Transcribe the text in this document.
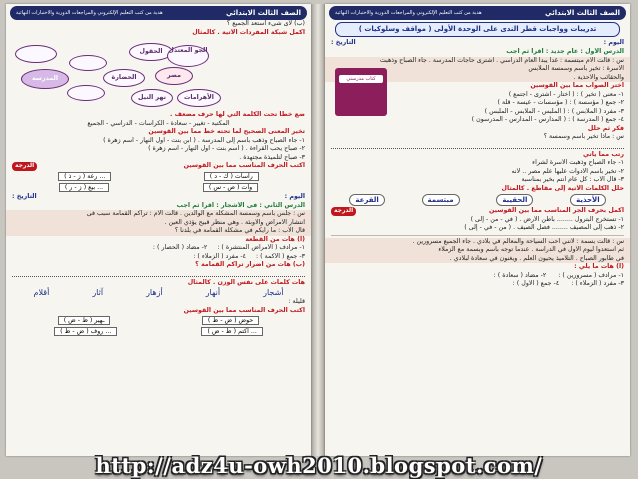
الصف الثالث الابتدائي
هدية من كتب التعليم الإلكتروني والمراجعات الدورية والاختبارات النهائية
(ب) لأى شىء استعد الجميع ؟
أكمل شبكة المفردات الآتية . كالمثال
الحقول الجو المعتدل
مصر
الحضارة
نهر النيل	الأهرامات
المدرسة
ضع خطاً تحت الكلمة التي لها حرف مضعف .
المكتبة - تغيير - سعادة - الكراسات - الدراسي - الجميع
تخير المعنى الصحيح لما تحته خط مما بين القوسين
١- جاء الصباح وذهب باسم إلى المدرسة . ( ابن بنت - أول النهار - اسم زهرة )
٢- صباح يحب القراءة . ( اسم بنت - أول النهار - اسم زهرة )
٣- صباح لتلميذة مجتهدة .
اكتب الحرف المناسب مما بين القوسين
الدرجة
راسات ( ك - د )
... رعة ( ز - ذ )
وات ( ص - س )
... بيع ( ز - ر )
اليوم :
التاريخ :
الدرس الثاني : فى الأشجار : اقرأ ثم أجب
س : جلس باسم وسمسة المشكلة مع الوالدين . قالت الأم : تراكم القمامة سبب فى
انتشار الأمراض والأوبئة . وهي منظر قبيح يؤذي العين .
قال الأب : ما رأيكم في مشكلة القمامة في بلدنا ؟
(أ) هات من القطعة
١- مرادف ( الأمراض المنتشرة ) :     ٢- مضاد ( الحصار ) :
٣- جمع ( الأكمة ) :     ٤- مفرد ( الزملاء ) :
(ب) هات من أضرار تراكم القمامة ؟
هات كلمات على نفس الوزن . كالمثال
أشجار
أنهار
أزهار
آثار
أقلام
قليلة :
اكتب الحرف المناسب مما بين القوسين
حوض ( ض - ظ )
ـهير ( ظ - ض )
... اكتم ( ظ - ض )
... روف ( ض - ظ )
الصف الثالث الابتدائي
هدية من كتب التعليم الإلكتروني والمراجعات الدورية والاختبارات النهائية
تدريبات وواجبات قطر الندى على الوحدة الأولى ( مواقف وسلوكيات )
اليوم :
التاريخ :
الدرس الأول : عام جديد : اقرأ ثم أجب
س : قالت الأم مبتسمة : غداً يبدأ العام الدراسي . اشترى حاجات المدرسة . جاء الصباح وذهبت
الأسرة : تخير باسم وسمسة الملابس
والحقائب والأحذية .
كتاب مدرستي
اختر الصواب مما بين القوسين
١- معنى ( تخير ) : ( اختار - اشترى - اجتمع )
٢- جمع ( مؤسسة ) : ( مؤسسات - عيسة - قلة )
٣- مفرد ( الملابس ) : ( الملبس - الملابس - الملبس )
٤- جمع ( المدرسة ) : ( المدارس - المدارس - المدرسون )
فكر ثم حلل
س : ماذا تخير باسم وسمسة ؟
رتب مما يأتي
١- جاء الصباح وذهبت الأسرة لشراء
٢- تخير باسم الأدوات عليها علم مصر .. لأنه
٣- قال الأب : كل عام أنتم بخير بمناسبة
حلل الكلمات الآتية إلى مقاطع . كالمثال
الأحذية
الحقيبة
مبتسمة
القرعة
أكمل بحرف الجر المناسب مما بين القوسين
الدرجة
١- تستخرج البترول ........ باطن الأرض . ( في - من - إلى )
٢- ذهب إلى المصيف ........ فصل الصيف . ( من - في - إلى )
س : قالت بسمة : لأنني أحب السياحة والمعالم في بلادي . جاء الجميع مسرورين .
ثم استعدوا ليوم الأول في الدراسة . عندما توجه باسم وبسمة مع الزملاء
في طابور الصباح . التلاميذ يحيون العلم . ويغنون في سعادة لبلادي .
(أ) هات ما يلي :
١- مرادف ( مسرورين ) :      ٢- مضاد ( سعادة ) :
٣- مفرد ( الزملاء ) :      ٤- جمع ( الأول ) :
http://adz4u-owh2010.blogspot.com/
